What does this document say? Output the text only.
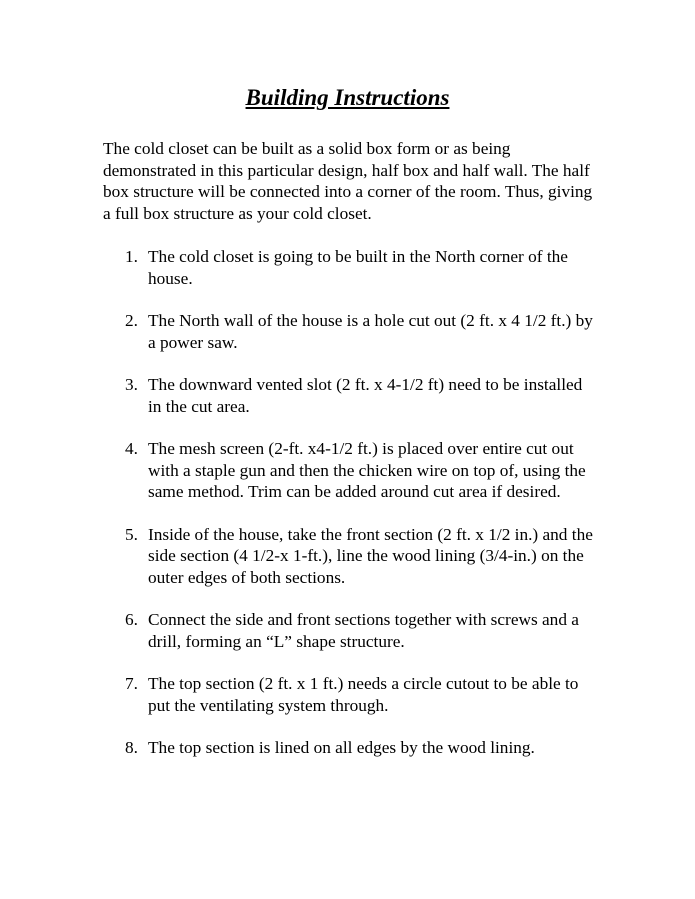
Building Instructions

The cold closet can be built as a solid box form or as being demonstrated in this particular design, half box and half wall. The half box structure will be connected into a corner of the room. Thus, giving a full box structure as your cold closet.

1. The cold closet is going to be built in the North corner of the house.
2. The North wall of the house is a hole cut out (2 ft. x 4 1/2 ft.) by a power saw.
3. The downward vented slot (2 ft. x 4-1/2 ft) need to be installed in the cut area.
4. The mesh screen (2-ft. x4-1/2 ft.) is placed over entire cut out with a staple gun and then the chicken wire on top of, using the same method. Trim can be added around cut area if desired.
5. Inside of the house, take the front section (2 ft. x 1/2 in.) and the side section (4 1/2-x 1-ft.), line the wood lining (3/4-in.) on the outer edges of both sections.
6. Connect the side and front sections together with screws and a drill, forming an “L” shape structure.
7. The top section (2 ft. x 1 ft.) needs a circle cutout to be able to put the ventilating system through.
8. The top section is lined on all edges by the wood lining.
